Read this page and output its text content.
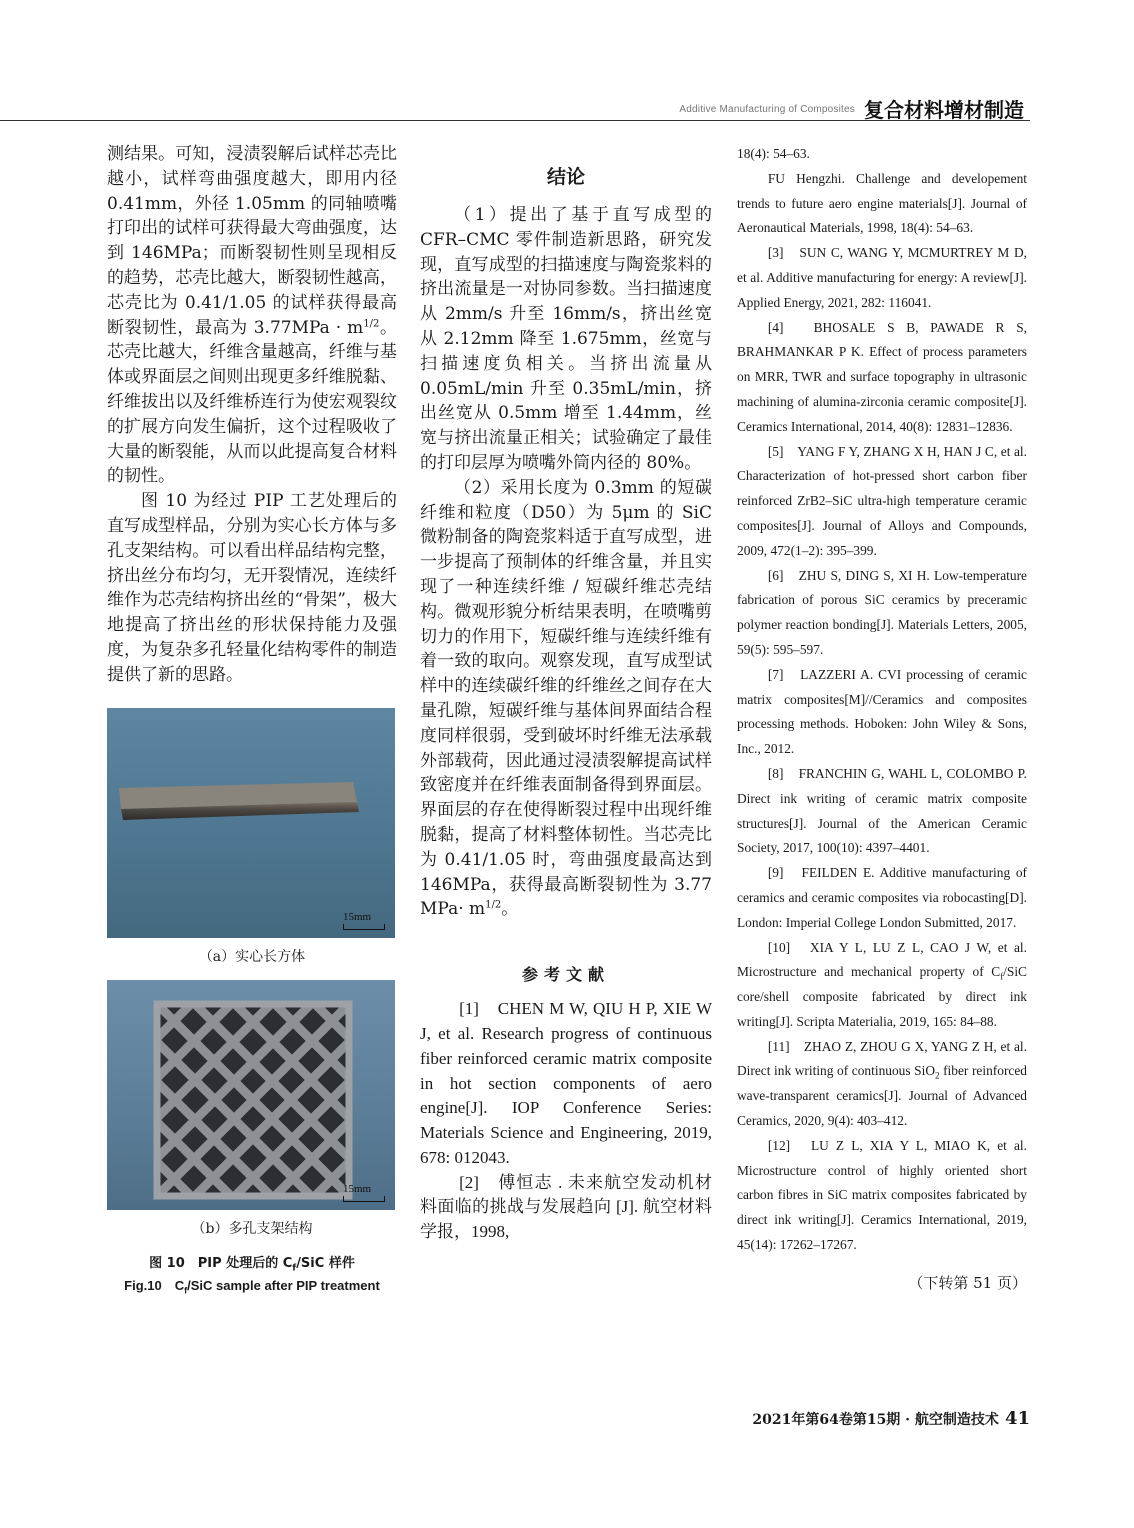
Additive Manufacturing of Composites 复合材料增材制造

测结果。可知，浸渍裂解后试样芯壳比越小，试样弯曲强度越大，即用内径 0.41mm，外径 1.05mm 的同轴喷嘴打印出的试样可获得最大弯曲强度，达到 146MPa；而断裂韧性则呈现相反的趋势，芯壳比越大，断裂韧性越高，芯壳比为 0.41/1.05 的试样获得最高断裂韧性，最高为 $3.77MPa \cdot m^{1/2}$。芯壳比越大，纤维含量越高，纤维与基体或界面层之间则出现更多纤维脱黏、纤维拔出以及纤维桥连行为使宏观裂纹的扩展方向发生偏折，这个过程吸收了大量的断裂能，从而以此提高复合材料的韧性。

图 10 为经过 PIP 工艺处理后的直写成型样品，分别为实心长方体与多孔支架结构。可以看出样品结构完整，挤出丝分布均匀，无开裂情况，连续纤维作为芯壳结构挤出丝的“骨架”，极大地提高了挤出丝的形状保持能力及强度，为复杂多孔轻量化结构零件的制造提供了新的思路。

15mm
（a）实心长方体
15mm
（b）多孔支架结构
图 10　PIP 处理后的 $C_f$/SiC 样件
Fig.10　$C_f$/SiC sample after PIP treatment
结论

（1）提出了基于直写成型的 CFR–CMC 零件制造新思路，研究发现，直写成型的扫描速度与陶瓷浆料的挤出流量是一对协同参数。当扫描速度从 2mm/s 升至 16mm/s，挤出丝宽从 2.12mm 降至 1.675mm，丝宽与扫描速度负相关。当挤出流量从 0.05mL/min 升至 0.35mL/min，挤出丝宽从 0.5mm 增至 1.44mm，丝宽与挤出流量正相关；试验确定了最佳的打印层厚为喷嘴外筒内径的 80%。

（2）采用长度为 0.3mm 的短碳纤维和粒度（D50）为 5μm 的 SiC 微粉制备的陶瓷浆料适于直写成型，进一步提高了预制体的纤维含量，并且实现了一种连续纤维 / 短碳纤维芯壳结构。微观形貌分析结果表明，在喷嘴剪切力的作用下，短碳纤维与连续纤维有着一致的取向。观察发现，直写成型试样中的连续碳纤维的纤维丝之间存在大量孔隙，短碳纤维与基体间界面结合程度同样很弱，受到破坏时纤维无法承载外部载荷，因此通过浸渍裂解提高试样致密度并在纤维表面制备得到界面层。界面层的存在使得断裂过程中出现纤维脱黏，提高了材料整体韧性。当芯壳比为 0.41/1.05 时，弯曲强度最高达到 146MPa，获得最高断裂韧性为 3.77 $MPa\cdot m^{1/2}$。

参考文献

[1]　CHEN M W, QIU H P, XIE W J, et al. Research progress of continuous fiber reinforced ceramic matrix composite in hot section components of aero engine[J]. IOP Conference Series: Materials Science and Engineering, 2019, 678: 012043.

[2]　傅恒志 . 未来航空发动机材料面临的挑战与发展趋向 [J]. 航空材料学报，1998,

18(4): 54–63.

FU Hengzhi. Challenge and developement trends to future aero engine materials[J]. Journal of Aeronautical Materials, 1998, 18(4): 54–63.

[3]　SUN C, WANG Y, MCMURTREY M D, et al. Additive manufacturing for energy: A review[J]. Applied Energy, 2021, 282: 116041.

[4]　BHOSALE S B, PAWADE R S, BRAHMANKAR P K. Effect of process parameters on MRR, TWR and surface topography in ultrasonic machining of alumina-zirconia ceramic composite[J]. Ceramics International, 2014, 40(8): 12831–12836.

[5]　YANG F Y, ZHANG X H, HAN J C, et al. Characterization of hot-pressed short carbon fiber reinforced ZrB2–SiC ultra-high temperature ceramic composites[J]. Journal of Alloys and Compounds, 2009, 472(1–2): 395–399.

[6]　ZHU S, DING S, XI H. Low-temperature fabrication of porous SiC ceramics by preceramic polymer reaction bonding[J]. Materials Letters, 2005, 59(5): 595–597.

[7]　LAZZERI A. CVI processing of ceramic matrix composites[M]//Ceramics and composites processing methods. Hoboken: John Wiley & Sons, Inc., 2012.

[8]　FRANCHIN G, WAHL L, COLOMBO P. Direct ink writing of ceramic matrix composite structures[J]. Journal of the American Ceramic Society, 2017, 100(10): 4397–4401.

[9]　FEILDEN E. Additive manufacturing of ceramics and ceramic composites via robocasting[D]. London: Imperial College London Submitted, 2017.

[10]　XIA Y L, LU Z L, CAO J W, et al. Microstructure and mechanical property of $C_f$/SiC core/shell composite fabricated by direct ink writing[J]. Scripta Materialia, 2019, 165: 84–88.

[11]　ZHAO Z, ZHOU G X, YANG Z H, et al. Direct ink writing of continuous SiO$_2$ fiber reinforced wave-transparent ceramics[J]. Journal of Advanced Ceramics, 2020, 9(4): 403–412.

[12]　LU Z L, XIA Y L, MIAO K, et al. Microstructure control of highly oriented short carbon fibres in SiC matrix composites fabricated by direct ink writing[J]. Ceramics International, 2019, 45(14): 17262–17267.

（下转第 51 页）
2021年第64卷第15期 · 航空制造技术 41
